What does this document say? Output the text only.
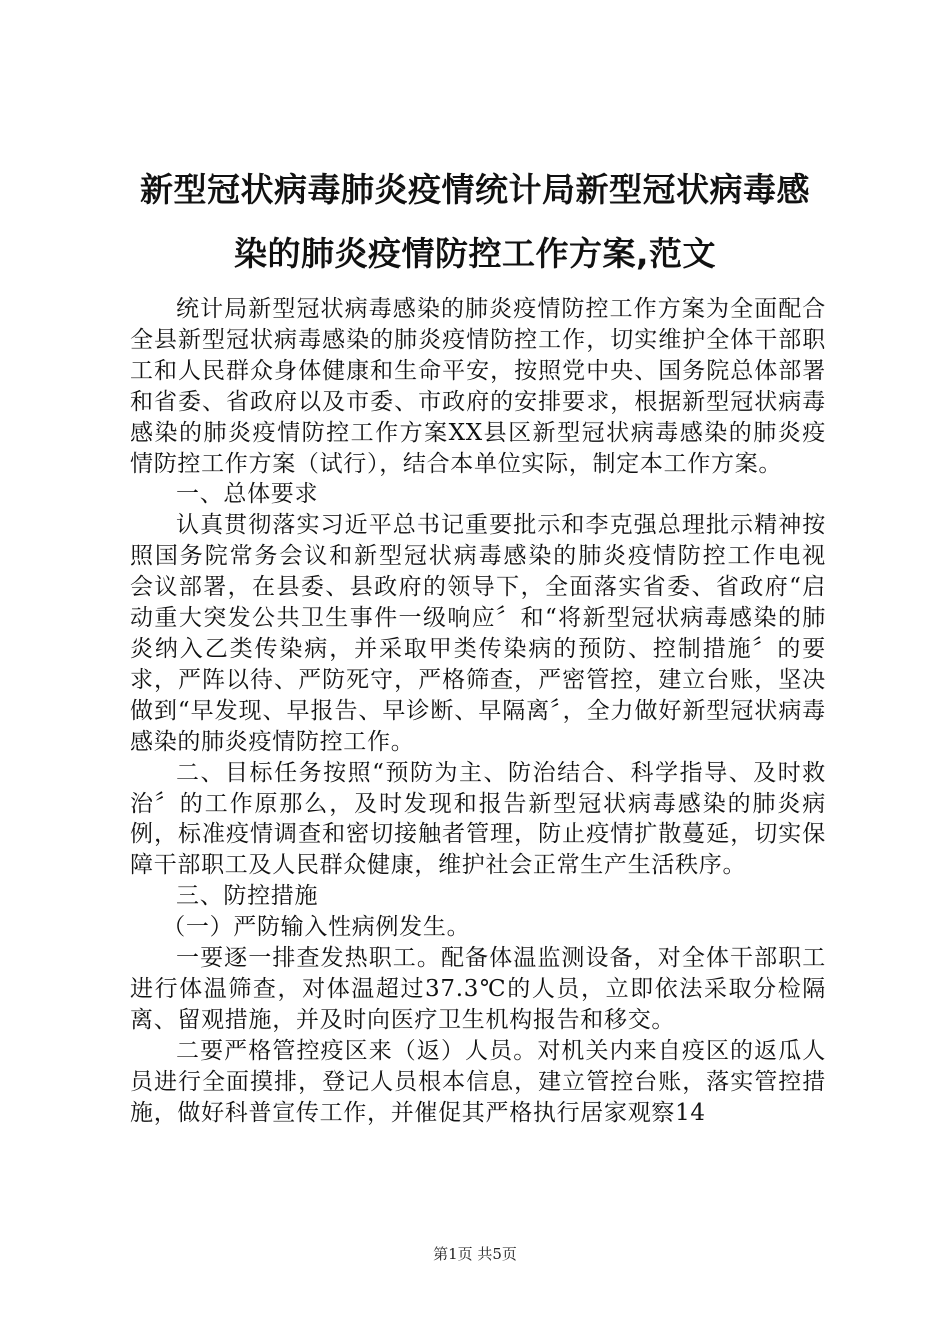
新型冠状病毒肺炎疫情统计局新型冠状病毒感
染的肺炎疫情防控工作方案,范文

统计局新型冠状病毒感染的肺炎疫情防控工作方案为全面配合全县新型冠状病毒感染的肺炎疫情防控工作，切实维护全体干部职工和人民群众身体健康和生命平安，按照党中央、国务院总体部署和省委、省政府以及市委、市政府的安排要求，根据新型冠状病毒感染的肺炎疫情防控工作方案XX县区新型冠状病毒感染的肺炎疫情防控工作方案（试行），结合本单位实际，制定本工作方案。

一、总体要求

认真贯彻落实习近平总书记重要批示和李克强总理批示精神按照国务院常务会议和新型冠状病毒感染的肺炎疫情防控工作电视　　会议部署，在县委、县政府的领导下，全面落实省委、省政府“启动重大突发公共卫生事件一级响应〞和“将新型冠状病毒感染的肺炎纳入乙类传染病，并采取甲类传染病的预防、控制措施〞的要求，严阵以待、严防死守，严格筛查，严密管控，建立台账，坚决做到“早发现、早报告、早诊断、早隔离〞，全力做好新型冠状病毒感染的肺炎疫情防控工作。

二、目标任务按照“预防为主、防治结合、科学指导、及时救治〞的工作原那么，及时发现和报告新型冠状病毒感染的肺炎病例，标准疫情调查和密切接触者管理，防止疫情扩散蔓延，切实保障干部职工及人民群众健康，维护社会正常生产生活秩序。

三、防控措施

（一）严防输入性病例发生。

一要逐一排查发热职工。配备体温监测设备，对全体干部职工进行体温筛查，对体温超过37.3℃的人员，立即依法采取分检隔离、留观措施，并及时向医疗卫生机构报告和移交。

二要严格管控疫区来（返）人员。对机关内来自疫区的返瓜人员进行全面摸排，登记人员根本信息，建立管控台账，落实管控措施，做好科普宣传工作，并催促其严格执行居家观察14

第1页 共5页
